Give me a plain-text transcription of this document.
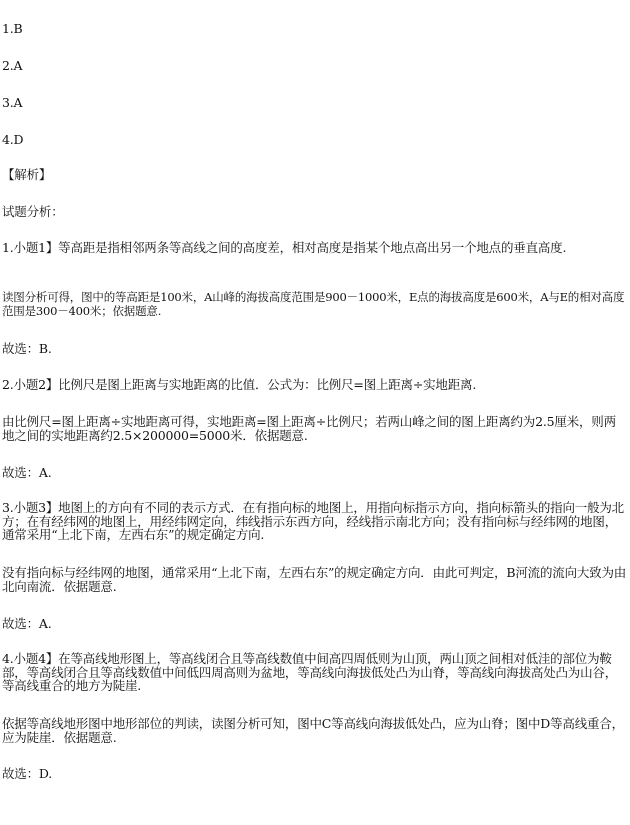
1.B
2.A
3.A
4.D
【解析】
试题分析：
1.小题1】等高距是指相邻两条等高线之间的高度差，相对高度是指某个地点高出另一个地点的垂直高度.
读图分析可得，图中的等高距是100米，A山峰的海拔高度范围是900－1000米，E点的海拔高度是600米，A与E的相对高度范围是300－400米；依据题意.
故选：B.
2.小题2】比例尺是图上距离与实地距离的比值．公式为：比例尺=图上距离÷实地距离.
由比例尺=图上距离÷实地距离可得，实地距离=图上距离÷比例尺；若两山峰之间的图上距离约为2.5厘米，则两地之间的实地距离约2.5×200000=5000米．依据题意.
故选：A.
3.小题3】地图上的方向有不同的表示方式．在有指向标的地图上，用指向标指示方向，指向标箭头的指向一般为北方；在有经纬网的地图上，用经纬网定向，纬线指示东西方向，经线指示南北方向；没有指向标与经纬网的地图，通常采用“上北下南，左西右东”的规定确定方向.
没有指向标与经纬网的地图，通常采用“上北下南，左西右东”的规定确定方向．由此可判定，B河流的流向大致为由北向南流．依据题意.
故选：A.
4.小题4】在等高线地形图上，等高线闭合且等高线数值中间高四周低则为山顶，两山顶之间相对低洼的部位为鞍部，等高线闭合且等高线数值中间低四周高则为盆地，等高线向海拔低处凸为山脊，等高线向海拔高处凸为山谷，等高线重合的地方为陡崖.
依据等高线地形图中地形部位的判读，读图分析可知，图中C等高线向海拔低处凸，应为山脊；图中D等高线重合，应为陡崖．依据题意.
故选：D.
